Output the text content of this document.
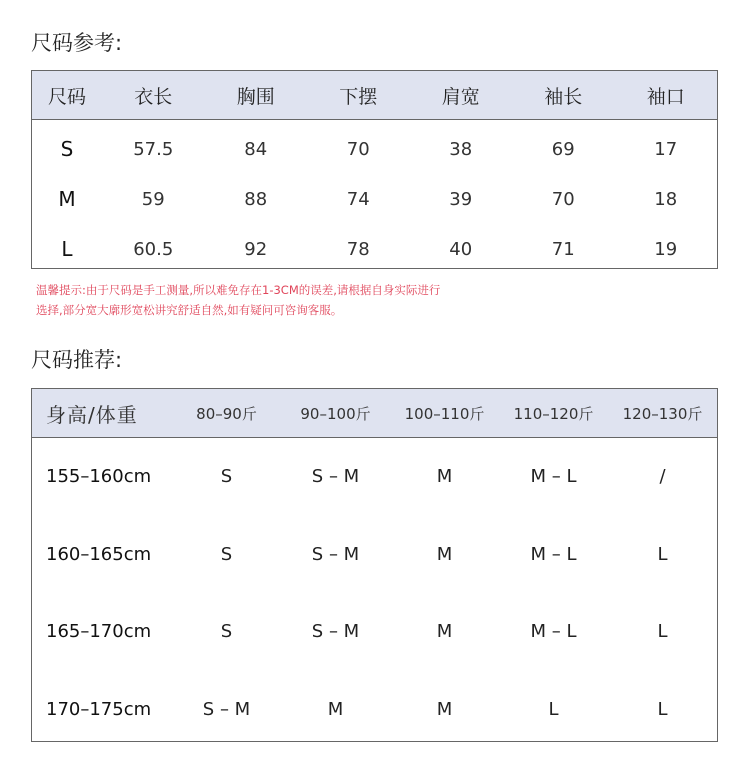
尺码参考:
尺码	衣长	胸围	下摆	肩宽	袖长	袖口
S	57.5	84	70	38	69	17
M	59	88	74	39	70	18
L	60.5	92	78	40	71	19
温馨提示:由于尺码是手工测量,所以难免存在1-3CM的误差,请根据自身实际进行
选择,部分宽大廓形宽松讲究舒适自然,如有疑问可咨询客服。
尺码推荐:
身高/体重	80–90斤	90–100斤	100–110斤	110–120斤	120–130斤
155–160cm	S	S – M	M	M – L	/
160–165cm	S	S – M	M	M – L	L
165–170cm	S	S – M	M	M – L	L
170–175cm	S – M	M	M	L	L
